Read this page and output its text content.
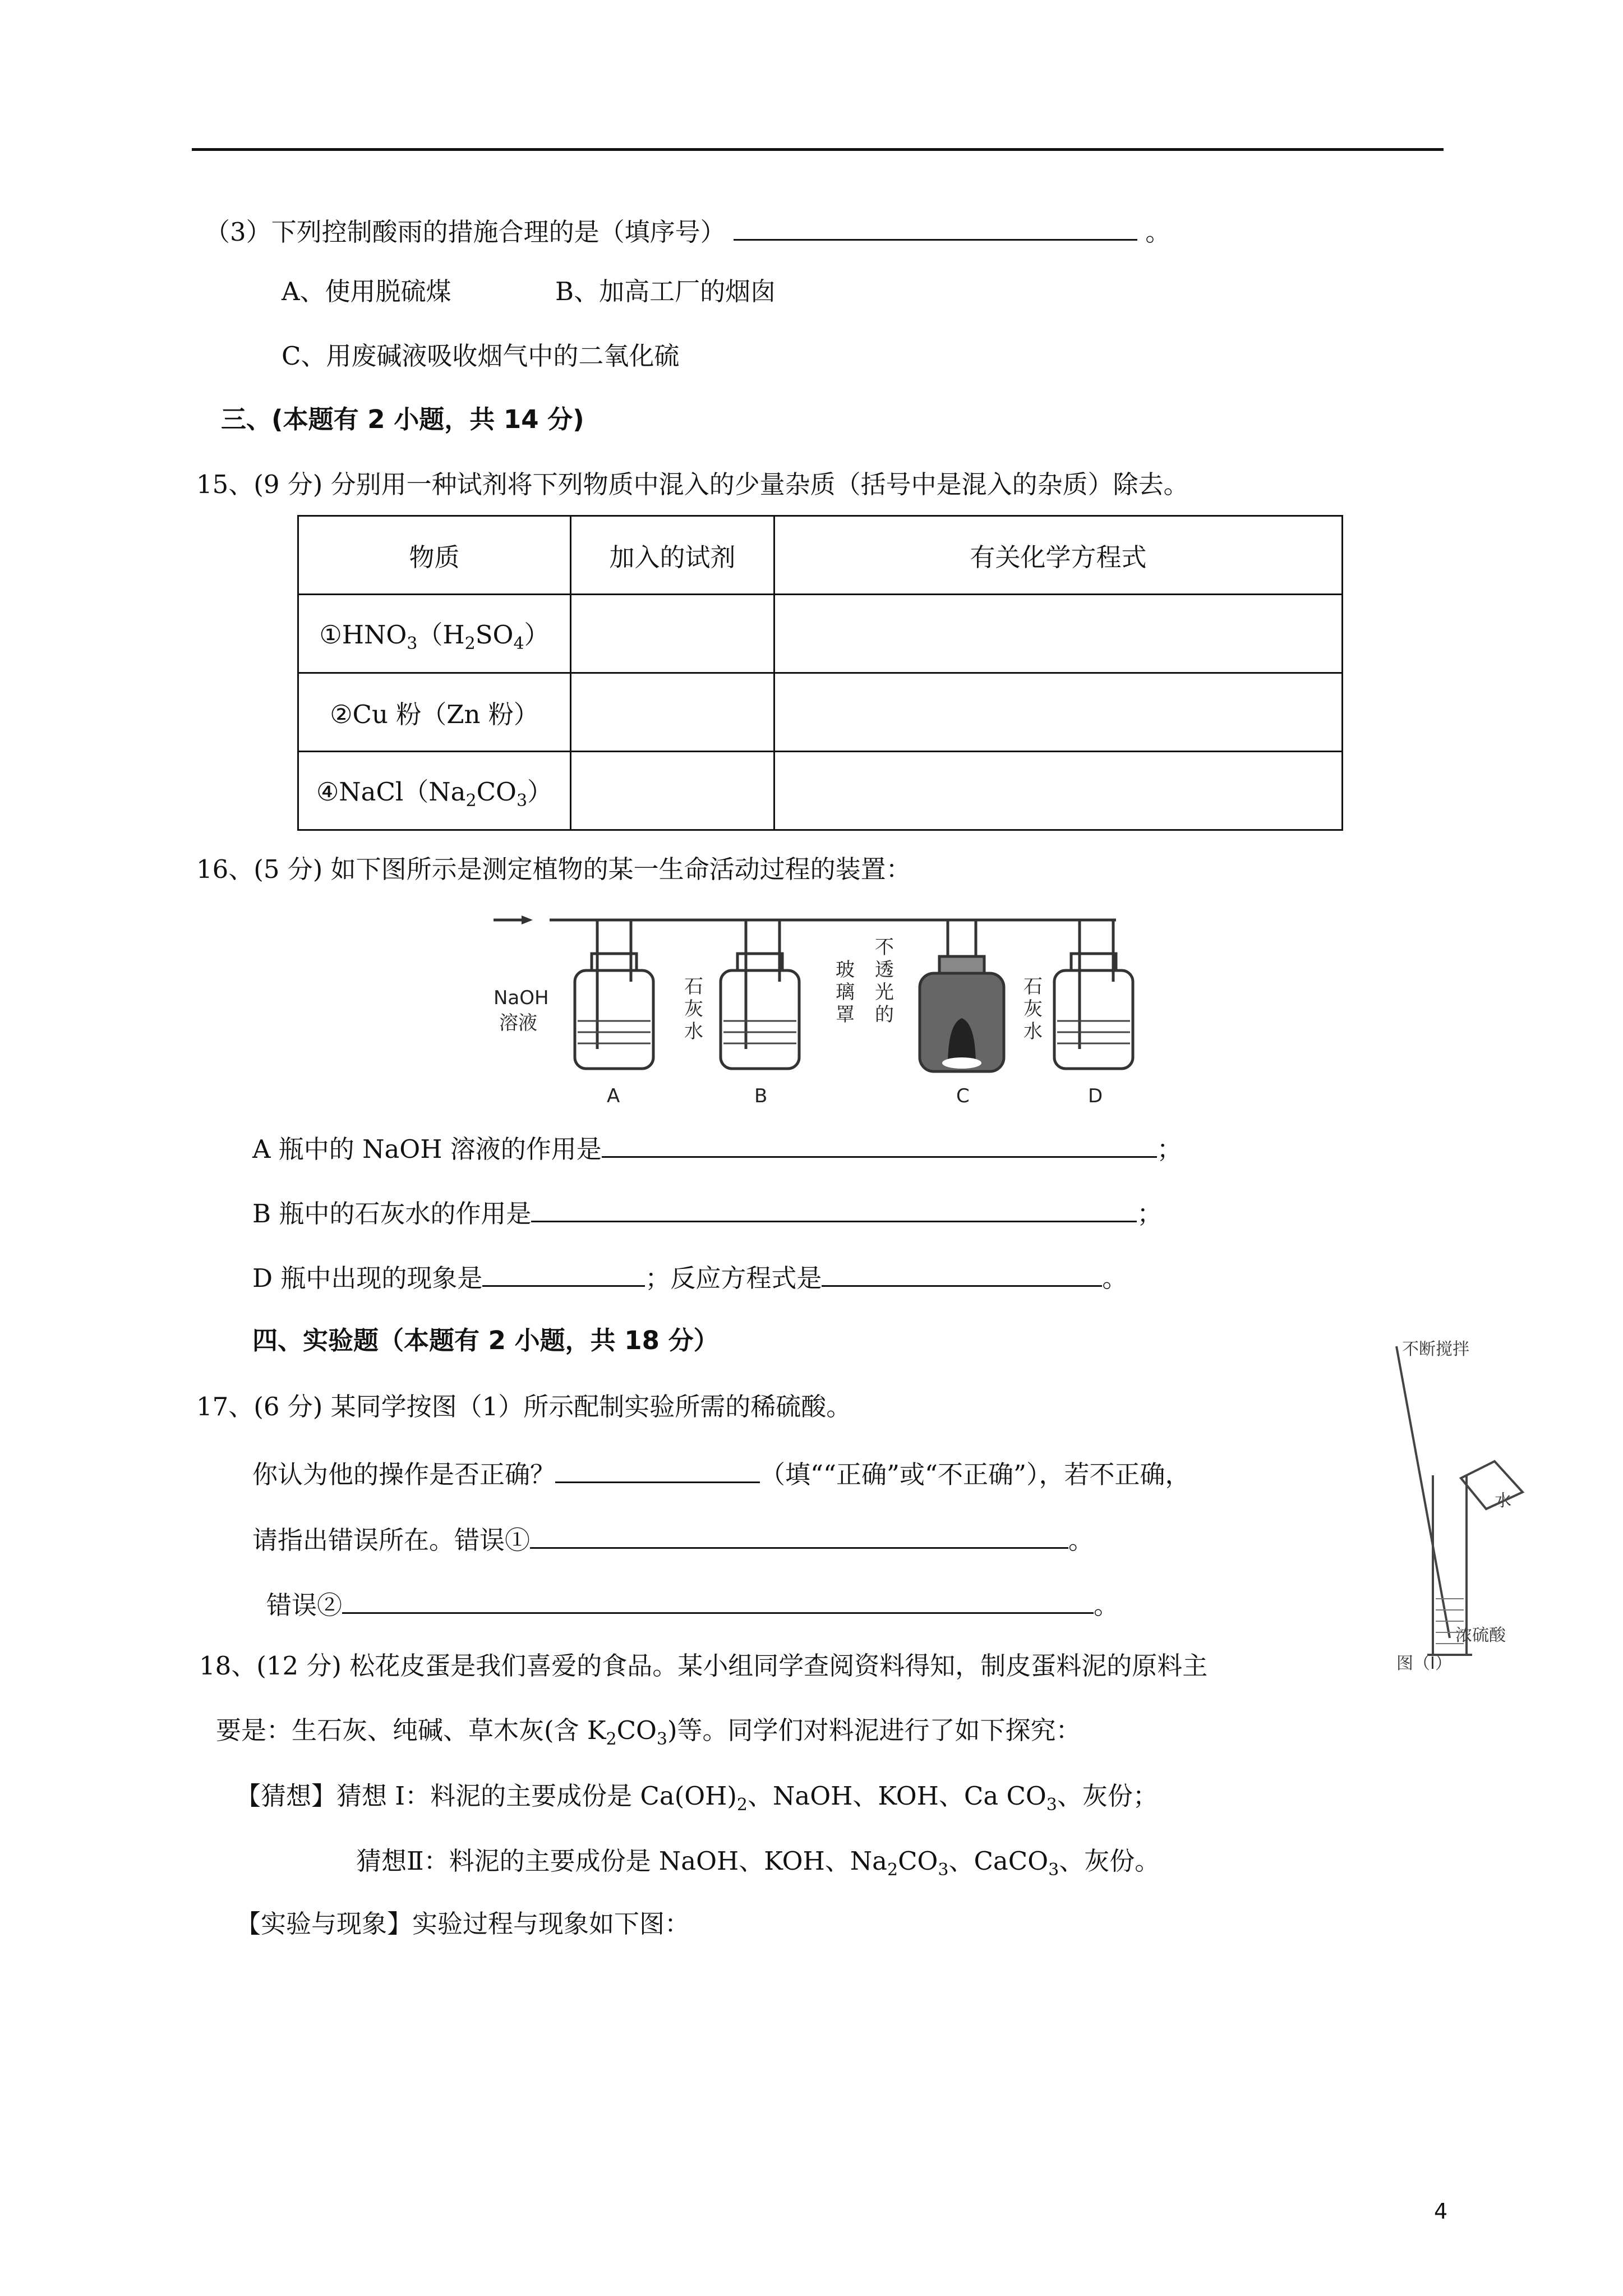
（3）下列控制酸雨的措施合理的是（填序号）	。
A、使用脱硫煤	B、加高工厂的烟囱
C、用废碱液吸收烟气中的二氧化硫
三、(本题有 2 小题，共 14 分)
15、(9 分) 分别用一种试剂将下列物质中混入的少量杂质（括号中是混入的杂质）除去。
物质	加入的试剂	有关化学方程式
$①HNO_3(H_2SO_4)$		
②Cu 粉（Zn 粉）		
$④NaCl(Na_2CO_3)$		
16、(5 分) 如下图所示是测定植物的某一生命活动过程的装置：
NaOH
溶液
石
灰
水
不
透
光
的
玻
璃
罩
石
灰
水
A	B	C	D
A 瓶中的 NaOH 溶液的作用是	；
B 瓶中的石灰水的作用是	；
D 瓶中出现的现象是	；反应方程式是	。
四、实验题（本题有 2 小题，共 18 分）	不断搅拌
水
浓硫酸
图（Ⅰ）
17、(6 分) 某同学按图（1）所示配制实验所需的稀硫酸。
你认为他的操作是否正确？	（填““正确”或“不正确”），若不正确，
请指出错误所在。错误①	。
错误②	。
18、(12 分) 松花皮蛋是我们喜爱的食品。某小组同学查阅资料得知，制皮蛋料泥的原料主
要是：生石灰、纯碱、草木灰(含 $K_2CO_3$)等。同学们对料泥进行了如下探究：
【猜想】猜想 I：料泥的主要成份是 $Ca(OH)_2$、NaOH、KOH、Ca $CO_3$、灰份；
猜想Ⅱ：料泥的主要成份是 NaOH、KOH、$Na_2CO_3$、CaCO$_3$、灰份。
【实验与现象】实验过程与现象如下图：
4
